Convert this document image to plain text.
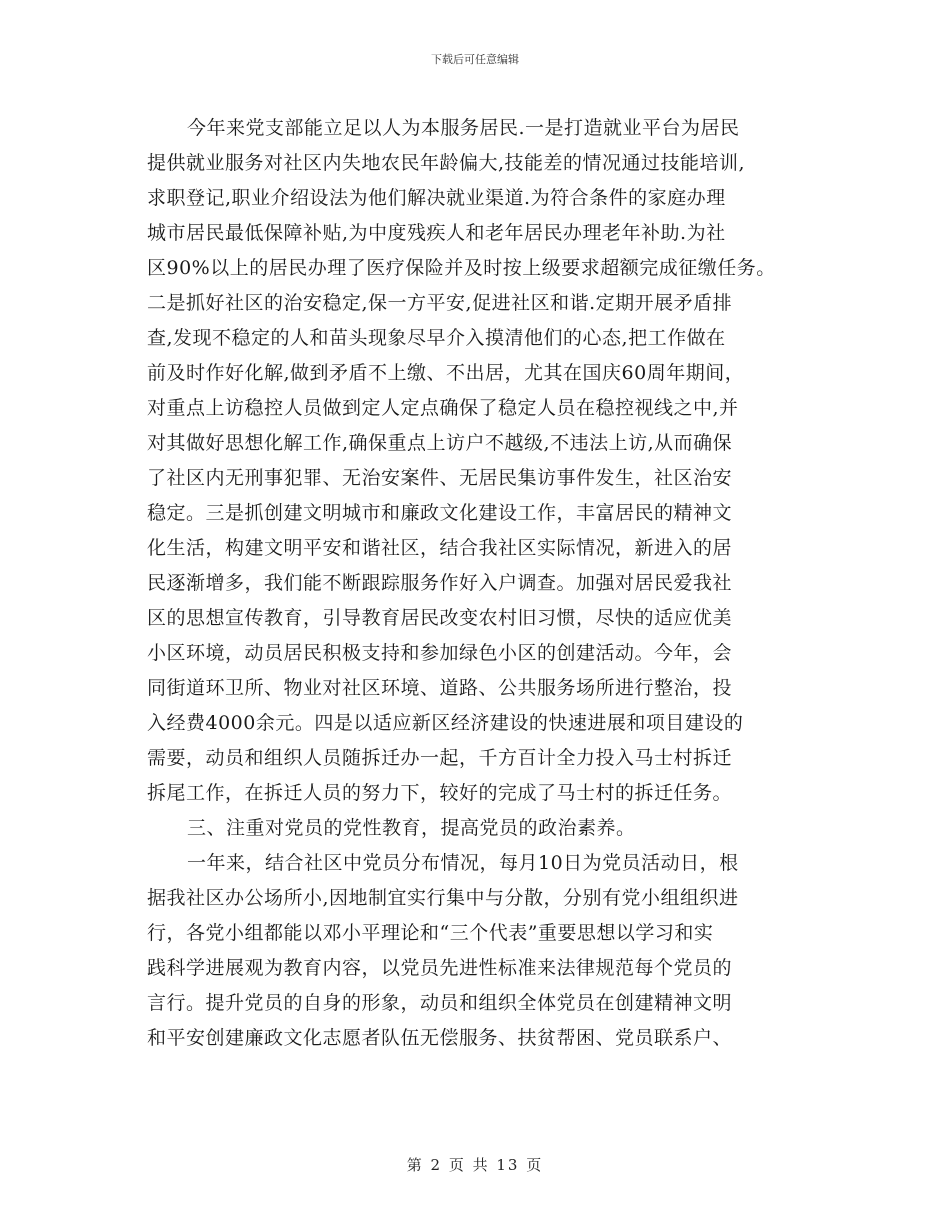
下载后可任意编辑
今年来党支部能立足以人为本服务居民.一是打造就业平台为居民
提供就业服务对社区内失地农民年龄偏大,技能差的情况通过技能培训,
求职登记,职业介绍设法为他们解决就业渠道.为符合条件的家庭办理
城市居民最低保障补贴,为中度残疾人和老年居民办理老年补助.为社
区90%以上的居民办理了医疗保险并及时按上级要求超额完成征缴任务。
二是抓好社区的治安稳定,保一方平安,促进社区和谐.定期开展矛盾排
查,发现不稳定的人和苗头现象尽早介入摸清他们的心态,把工作做在
前及时作好化解,做到矛盾不上缴、不出居，尤其在国庆60周年期间，
对重点上访稳控人员做到定人定点确保了稳定人员在稳控视线之中,并
对其做好思想化解工作,确保重点上访户不越级,不违法上访,从而确保
了社区内无刑事犯罪、无治安案件、无居民集访事件发生，社区治安
稳定。三是抓创建文明城市和廉政文化建设工作，丰富居民的精神文
化生活，构建文明平安和谐社区，结合我社区实际情况，新进入的居
民逐渐增多，我们能不断跟踪服务作好入户调查。加强对居民爱我社
区的思想宣传教育，引导教育居民改变农村旧习惯，尽快的适应优美
小区环境，动员居民积极支持和参加绿色小区的创建活动。今年，会
同街道环卫所、物业对社区环境、道路、公共服务场所进行整治，投
入经费4000余元。四是以适应新区经济建设的快速进展和项目建设的
需要，动员和组织人员随拆迁办一起，千方百计全力投入马士村拆迁
拆尾工作，在拆迁人员的努力下，较好的完成了马士村的拆迁任务。
三、注重对党员的党性教育，提高党员的政治素养。
一年来，结合社区中党员分布情况，每月10日为党员活动日，根
据我社区办公场所小,因地制宜实行集中与分散，分别有党小组组织进
行，各党小组都能以邓小平理论和“三个代表”重要思想以学习和实
践科学进展观为教育内容，以党员先进性标准来法律规范每个党员的
言行。提升党员的自身的形象，动员和组织全体党员在创建精神文明
和平安创建廉政文化志愿者队伍无偿服务、扶贫帮困、党员联系户、
第 2 页 共 13 页
